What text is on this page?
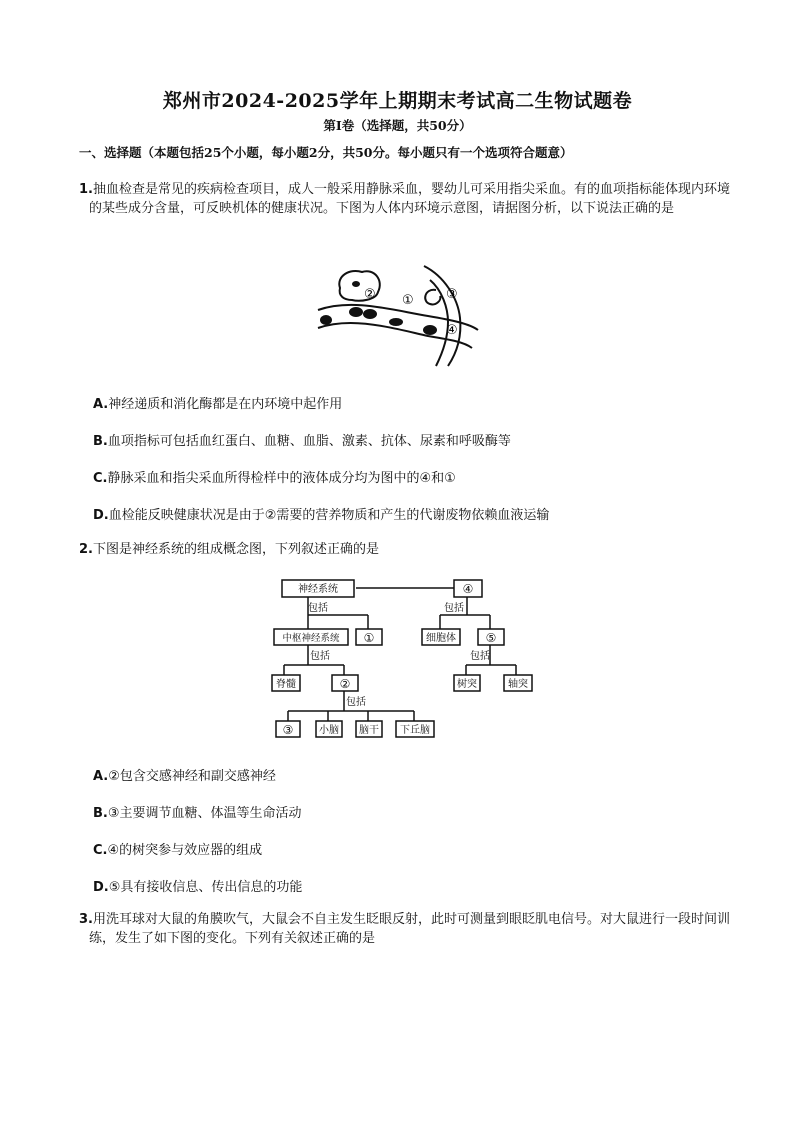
郑州市2024-2025学年上期期末考试高二生物试题卷
第Ⅰ卷（选择题，共50分）
一、选择题（本题包括25个小题，每小题2分，共50分。每小题只有一个选项符合题意）
1.抽血检查是常见的疾病检查项目，成人一般采用静脉采血，婴幼儿可采用指尖采血。有的血项指标能体现内环境的某些成分含量，可反映机体的健康状况。下图为人体内环境示意图，请据图分析，以下说法正确的是
② ① ③
④
A.神经递质和消化酶都是在内环境中起作用
B.血项指标可包括血红蛋白、血糖、血脂、激素、抗体、尿素和呼吸酶等
C.静脉采血和指尖采血所得检样中的液体成分均为图中的④和①
D.血检能反映健康状况是由于②需要的营养物质和产生的代谢废物依赖血液运输
2.下图是神经系统的组成概念图，下列叙述正确的是
神经系统	④
包括	包括
中枢神经系统 ①	细胞体 ⑤
包括	包括
脊髓	②	树突	轴突
包括
③	小脑 脑干 下丘脑
A.②包含交感神经和副交感神经
B.③主要调节血糖、体温等生命活动
C.④的树突参与效应器的组成
D.⑤具有接收信息、传出信息的功能
3.用洗耳球对大鼠的角膜吹气，大鼠会不自主发生眨眼反射，此时可测量到眼眨肌电信号。对大鼠进行一段时间训练，发生了如下图的变化。下列有关叙述正确的是
